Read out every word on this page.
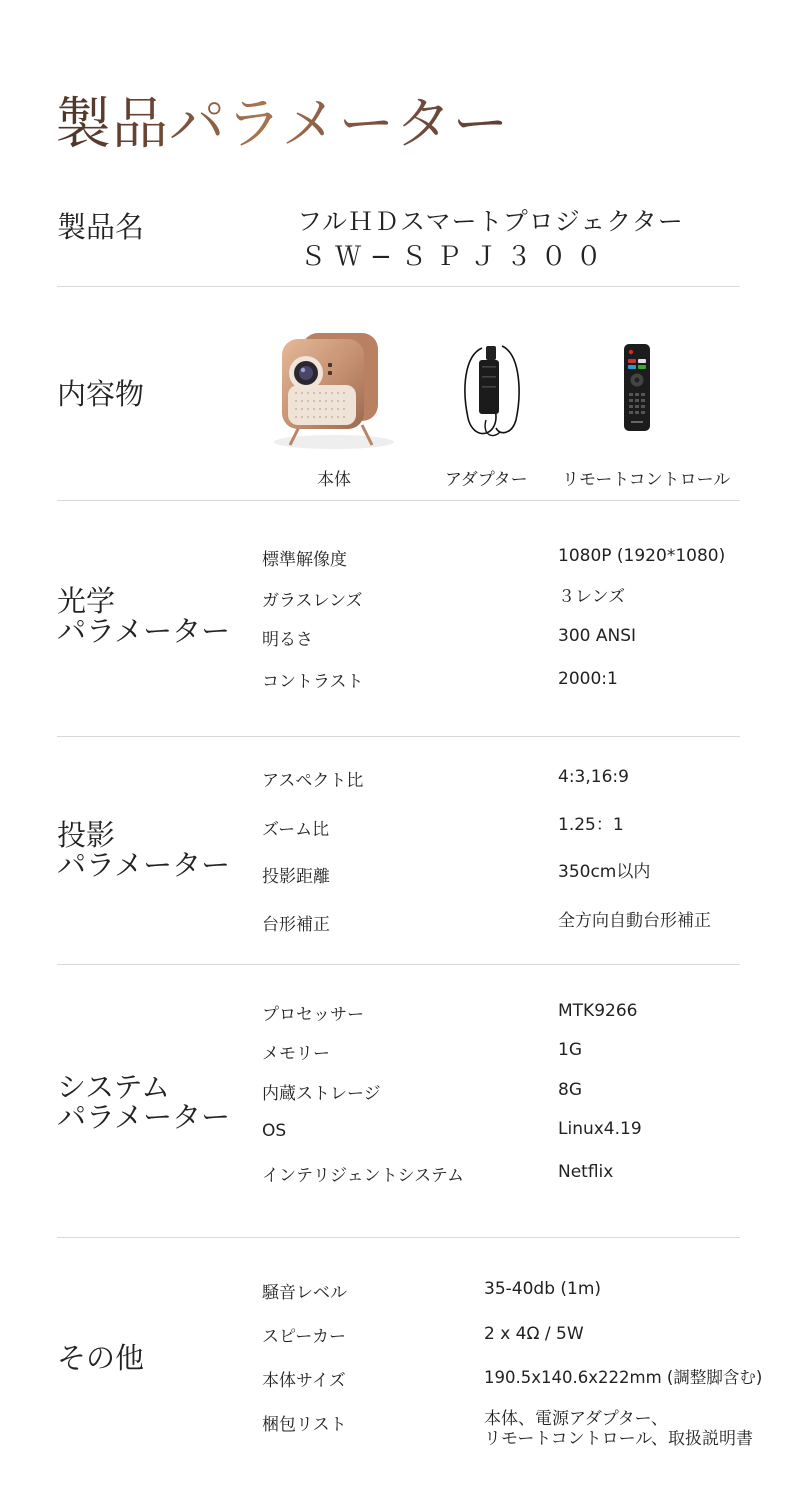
製品パラメーター
製品名	フルＨＤスマートプロジェクター
ＳＷ−ＳＰＪ３００
内容物
本体	アダプター リモートコントロール
光学
パラメーター
標準解像度	1080P (1920*1080)
ガラスレンズ	３レンズ
明るさ	300 ANSI
コントラスト	2000:1
投影
パラメーター
アスペクト比	4:3,16:9
ズーム比	1.25：1
投影距離	350cm以内
台形補正	全方向自動台形補正
システム
パラメーター
プロセッサー	MTK9266
メモリー	1G
内蔵ストレージ	8G
OS	Linux4.19
インテリジェントシステム	Netflix
その他
騒音レベル	35-40db (1m)
スピーカー	2 x 4Ω / 5W
本体サイズ	190.5x140.6x222mm (調整脚含む)
梱包リスト	本体、電源アダプター、
リモートコントロール、取扱説明書
